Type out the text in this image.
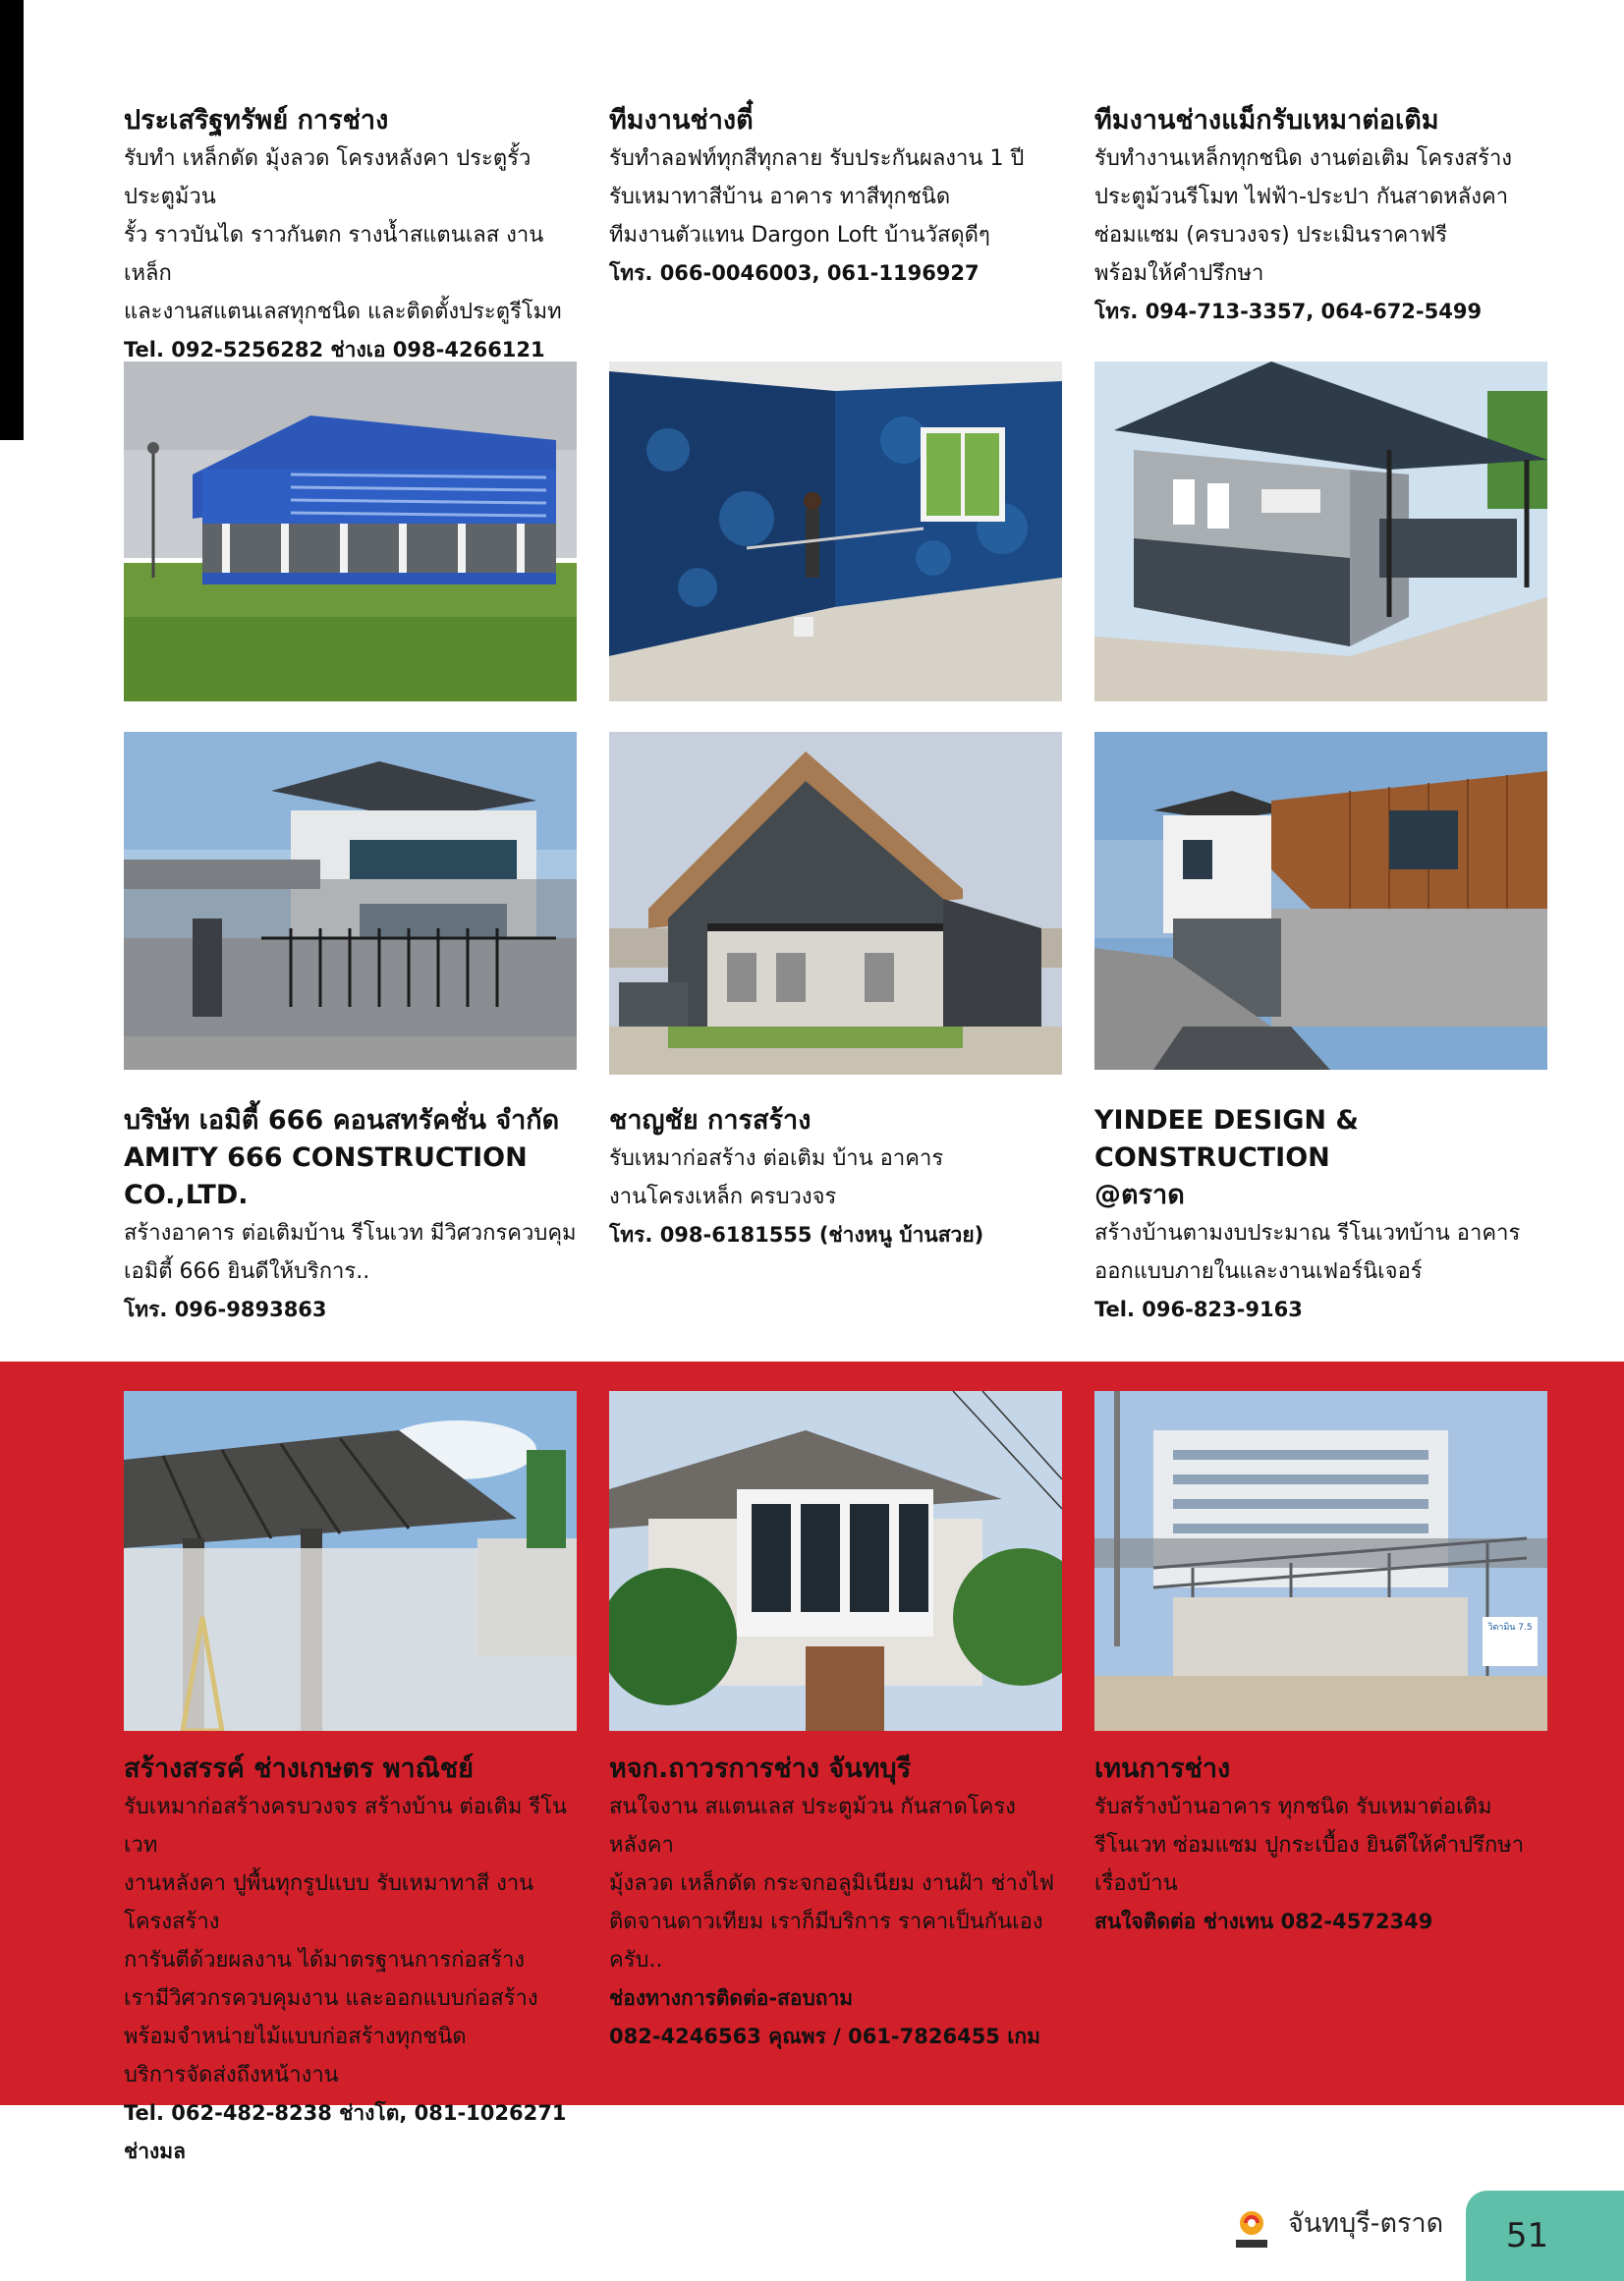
ประเสริฐทรัพย์ การช่าง
รับทำ เหล็กดัด มุ้งลวด โครงหลังคา ประตูรั้ว ประตูม้วน
รั้ว ราวบันได ราวกันตก รางน้ำสแตนเลส งานเหล็ก
และงานสแตนเลสทุกชนิด และติดตั้งประตูรีโมท
Tel. 092-5256282 ช่างเอ 098-4266121
ทีมงานช่างตี๋
รับทำลอฟท์ทุกสีทุกลาย รับประกันผลงาน 1 ปี
รับเหมาทาสีบ้าน อาคาร ทาสีทุกชนิด
ทีมงานตัวแทน Dargon Loft บ้านวัสดุดีๆ
โทร. 066-0046003, 061-1196927
ทีมงานช่างแม็กรับเหมาต่อเติม
รับทำงานเหล็กทุกชนิด งานต่อเติม โครงสร้าง
ประตูม้วนรีโมท ไฟฟ้า-ประปา กันสาดหลังคา
ซ่อมแซม (ครบวงจร) ประเมินราคาฟรี
พร้อมให้คำปรึกษา
โทร. 094-713-3357, 064-672-5499
บริษัท เอมิตี้ 666 คอนสทรัคชั่น จำกัด
AMITY 666 CONSTRUCTION CO.,LTD.
สร้างอาคาร ต่อเติมบ้าน รีโนเวท มีวิศวกรควบคุม
เอมิตี้ 666 ยินดีให้บริการ..
โทร. 096-9893863
ชาญชัย การสร้าง
รับเหมาก่อสร้าง ต่อเติม บ้าน อาคาร
งานโครงเหล็ก ครบวงจร
โทร. 098-6181555 (ช่างหนู บ้านสวย)
YINDEE DESIGN & CONSTRUCTION
@ตราด
สร้างบ้านตามงบประมาณ รีโนเวทบ้าน อาคาร
ออกแบบภายในและงานเฟอร์นิเจอร์
Tel. 096-823-9163
วิตามิน 7.5
สร้างสรรค์ ช่างเกษตร พาณิชย์
รับเหมาก่อสร้างครบวงจร สร้างบ้าน ต่อเติม รีโนเวท
งานหลังคา ปูพื้นทุกรูปแบบ รับเหมาทาสี งานโครงสร้าง
การันตีด้วยผลงาน ได้มาตรฐานการก่อสร้าง
เรามีวิศวกรควบคุมงาน และออกแบบก่อสร้าง
พร้อมจำหน่ายไม้แบบก่อสร้างทุกชนิด
บริการจัดส่งถึงหน้างาน
Tel. 062-482-8238 ช่างโต, 081-1026271 ช่างมล
หจก.ถาวรการช่าง จันทบุรี
สนใจงาน สแตนเลส ประตูม้วน กันสาดโครงหลังคา
มุ้งลวด เหล็กดัด กระจกอลูมิเนียม งานฝ้า ช่างไฟ
ติดจานดาวเทียม เราก็มีบริการ ราคาเป็นกันเองครับ..
ช่องทางการติดต่อ-สอบถาม
082-4246563 คุณพร / 061-7826455 เกม
เทนการช่าง
รับสร้างบ้านอาคาร ทุกชนิด รับเหมาต่อเติม
รีโนเวท ซ่อมแซม ปูกระเบื้อง ยินดีให้คำปรึกษาเรื่องบ้าน
สนใจติดต่อ ช่างเทน 082-4572349
จันทบุรี-ตราด	51
